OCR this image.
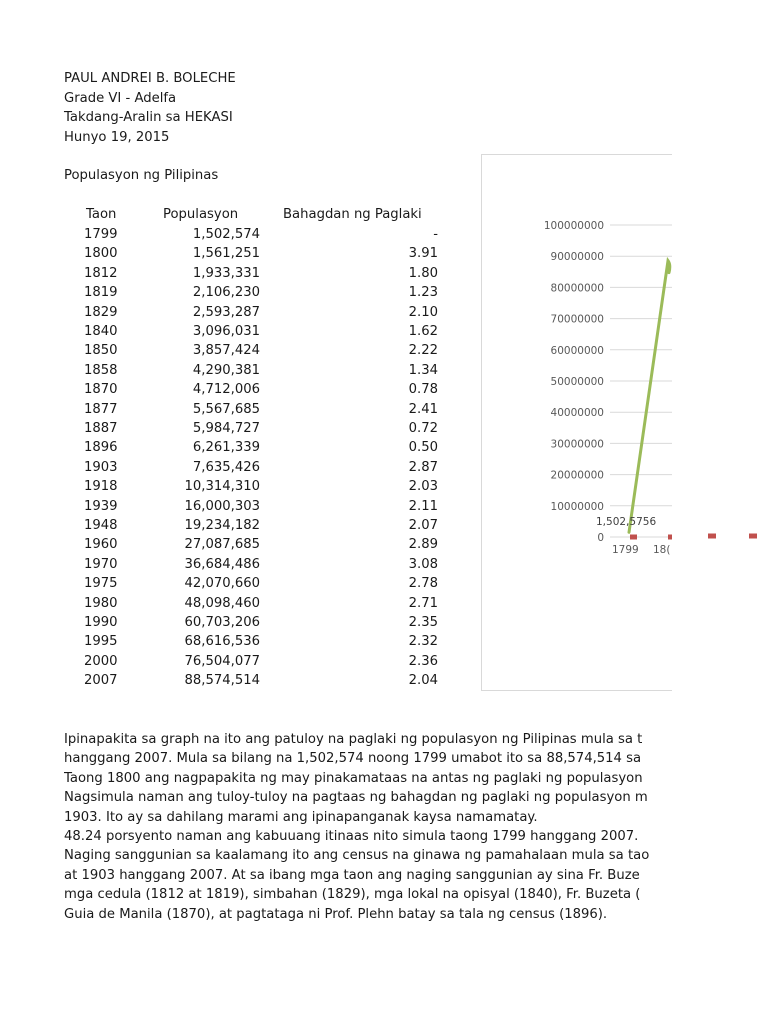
PAUL ANDREI B. BOLECHE
Grade VI - Adelfa
Takdang-Aralin sa HEKASI
Hunyo 19, 2015
Populasyon ng Pilipinas
Taon	Populasyon	Bahagdan ng Paglaki
1799	1,502,574	-
1800	1,561,251	3.91
1812	1,933,331	1.80
1819	2,106,230	1.23
1829	2,593,287	2.10
1840	3,096,031	1.62
1850	3,857,424	2.22
1858	4,290,381	1.34
1870	4,712,006	0.78
1877	5,567,685	2.41
1887	5,984,727	0.72
1896	6,261,339	0.50
1903	7,635,426	2.87
1918	10,314,310	2.03
1939	16,000,303	2.11
1948	19,234,182	2.07
1960	27,087,685	2.89
1970	36,684,486	3.08
1975	42,070,660	2.78
1980	48,098,460	2.71
1990	60,703,206	2.35
1995	68,616,536	2.32
2000	76,504,077	2.36
2007	88,574,514	2.04
0
10000000
20000000
30000000
40000000
50000000
60000000
70000000
80000000
90000000
100000000
1799 18(
1,502,5756
Ipinapakita sa graph na ito ang patuloy na paglaki ng populasyon ng Pilipinas mula sa t
hanggang 2007. Mula sa bilang na 1,502,574 noong 1799 umabot ito sa 88,574,514 sa
Taong 1800 ang nagpapakita ng may pinakamataas na antas ng paglaki ng populasyon
Nagsimula naman ang tuloy-tuloy na pagtaas ng bahagdan ng paglaki ng populasyon m
1903. Ito ay sa dahilang marami ang ipinapanganak kaysa namamatay.
48.24 porsyento naman ang kabuuang itinaas nito simula taong 1799 hanggang 2007.
Naging sanggunian sa kaalamang ito ang census na ginawa ng pamahalaan mula sa tao
at 1903 hanggang 2007. At sa ibang mga taon ang naging sanggunian ay sina Fr. Buze
mga cedula (1812 at 1819), simbahan (1829), mga lokal na opisyal (1840), Fr. Buzeta (
Guia de Manila (1870), at pagtataga ni Prof. Plehn batay sa tala ng census (1896).
